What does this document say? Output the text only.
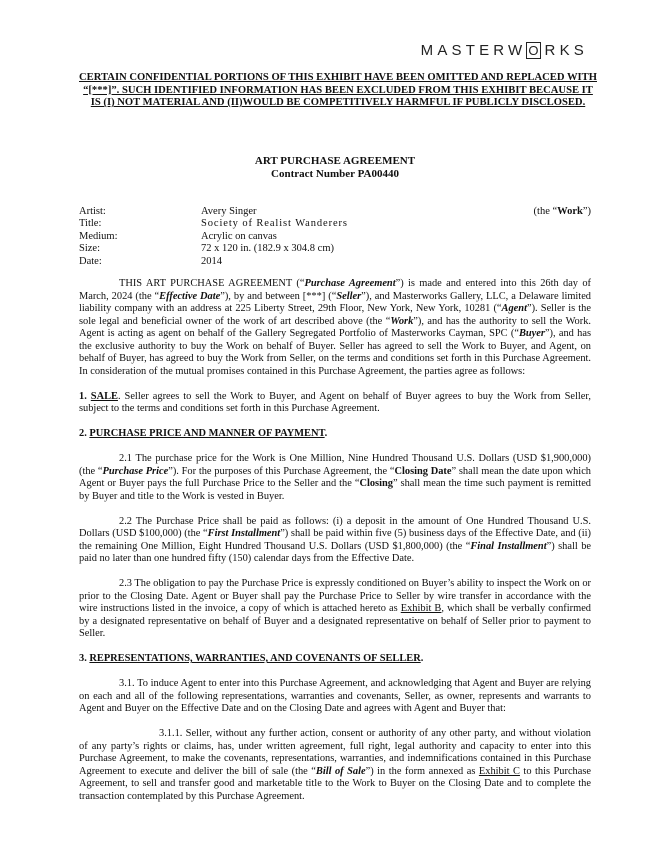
MASTERW O RKS
CERTAIN CONFIDENTIAL PORTIONS OF THIS EXHIBIT HAVE BEEN OMITTED AND REPLACED WITH “[***]”. SUCH IDENTIFIED INFORMATION HAS BEEN EXCLUDED FROM THIS EXHIBIT BECAUSE IT IS (I) NOT MATERIAL AND (II)WOULD BE COMPETITIVELY HARMFUL IF PUBLICLY DISCLOSED.
ART PURCHASE AGREEMENT
Contract Number PA00440
Artist:	Avery Singer	(the “Work”)
Title:	Society of Realist Wanderers
Medium:	Acrylic on canvas
Size:	72 x 120 in. (182.9 x 304.8 cm)
Date:	2014

THIS ART PURCHASE AGREEMENT (“Purchase Agreement”) is made and entered into this 26th day of March, 2024 (the “Effective Date”), by and between [***] (“Seller”), and Masterworks Gallery, LLC, a Delaware limited liability company with an address at 225 Liberty Street, 29th Floor, New York, New York, 10281 (“Agent”). Seller is the sole legal and beneficial owner of the work of art described above (the “Work”), and has the authority to sell the Work. Agent is acting as agent on behalf of the Gallery Segregated Portfolio of Masterworks Cayman, SPC (“Buyer”), and has the exclusive authority to buy the Work on behalf of Buyer. Seller has agreed to sell the Work to Buyer, and Agent, on behalf of Buyer, has agreed to buy the Work from Seller, on the terms and conditions set forth in this Purchase Agreement. In consideration of the mutual promises contained in this Purchase Agreement, the parties agree as follows:

1. SALE. Seller agrees to sell the Work to Buyer, and Agent on behalf of Buyer agrees to buy the Work from Seller, subject to the terms and conditions set forth in this Purchase Agreement.

2. PURCHASE PRICE AND MANNER OF PAYMENT.

2.1 The purchase price for the Work is One Million, Nine Hundred Thousand U.S. Dollars (USD $1,900,000) (the “Purchase Price”). For the purposes of this Purchase Agreement, the “Closing Date” shall mean the date upon which Agent or Buyer pays the full Purchase Price to the Seller and the “Closing” shall mean the time such payment is remitted by Buyer and title to the Work is vested in Buyer.

2.2 The Purchase Price shall be paid as follows: (i) a deposit in the amount of One Hundred Thousand U.S. Dollars (USD $100,000) (the “First Installment”) shall be paid within five (5) business days of the Effective Date, and (ii) the remaining One Million, Eight Hundred Thousand U.S. Dollars (USD $1,800,000) (the “Final Installment”) shall be paid no later than one hundred fifty (150) calendar days from the Effective Date.

2.3 The obligation to pay the Purchase Price is expressly conditioned on Buyer’s ability to inspect the Work on or prior to the Closing Date. Agent or Buyer shall pay the Purchase Price to Seller by wire transfer in accordance with the wire instructions listed in the invoice, a copy of which is attached hereto as Exhibit B, which shall be verbally confirmed by a designated representative on behalf of Buyer and a designated representative on behalf of Seller prior to payment to Seller.

3. REPRESENTATIONS, WARRANTIES, AND COVENANTS OF SELLER.

3.1. To induce Agent to enter into this Purchase Agreement, and acknowledging that Agent and Buyer are relying on each and all of the following representations, warranties and covenants, Seller, as owner, represents and warrants to Agent and Buyer on the Effective Date and on the Closing Date and agrees with Agent and Buyer that:

3.1.1. Seller, without any further action, consent or authority of any other party, and without violation of any party’s rights or claims, has, under written agreement, full right, legal authority and capacity to enter into this Purchase Agreement, to make the covenants, representations, warranties, and indemnifications contained in this Purchase Agreement to execute and deliver the bill of sale (the “Bill of Sale”) in the form annexed as Exhibit C to this Purchase Agreement, to sell and transfer good and marketable title to the Work to Buyer on the Closing Date and to complete the transaction contemplated by this Purchase Agreement.
